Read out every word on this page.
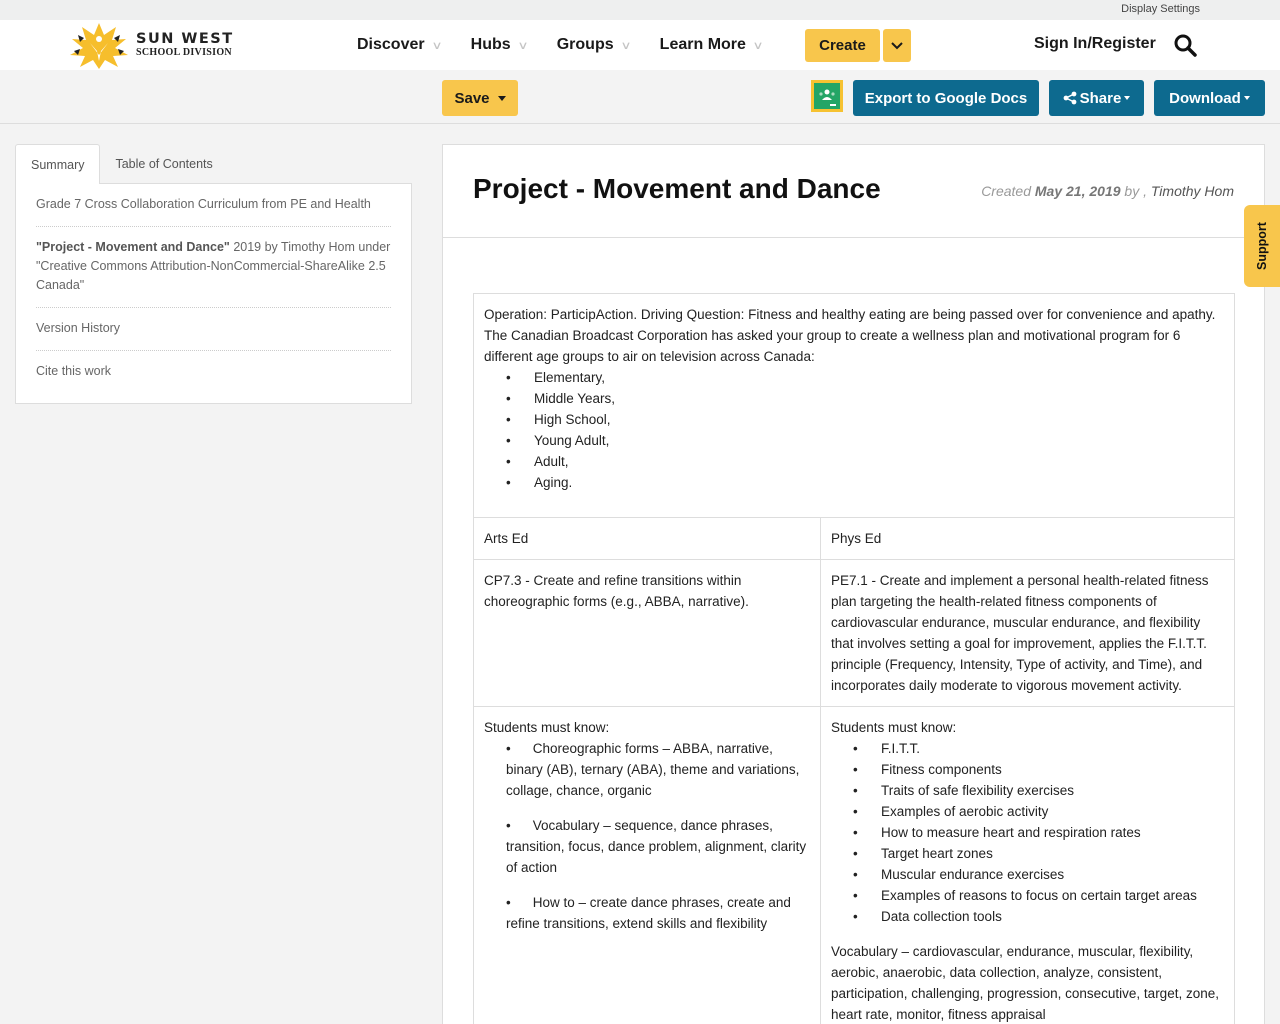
Display Settings
SUN WEST
SCHOOL DIVISION	Discover ∨ Hubs ∨ Groups ∨ Learn More ∨	Create	Sign In/Register
Save	Export to Google Docs	Share	Download
Summary	Table of Contents
Grade 7 Cross Collaboration Curriculum from PE and Health
"Project - Movement and Dance" 2019 by Timothy Hom under "Creative Commons Attribution-NonCommercial-ShareAlike 2.5 Canada"
Version History
Cite this work
Project - Movement and Dance	Created May 21, 2019 by , Timothy Hom
Operation: ParticipAction. Driving Question: Fitness and healthy eating are being passed over for convenience and apathy. The Canadian Broadcast Corporation has asked your group to create a wellness plan and motivational program for 6 different age groups to air on television across Canada:
• Elementary,
• Middle Years,
• High School,
• Young Adult,
• Adult,
• Aging.

Arts Ed	Phys Ed
CP7.3 - Create and refine transitions within choreographic forms (e.g., ABBA, narrative).	PE7.1 - Create and implement a personal health-related fitness plan targeting the health-related fitness components of cardiovascular endurance, muscular endurance, and flexibility that involves setting a goal for improvement, applies the F.I.T.T. principle (Frequency, Intensity, Type of activity, and Time), and incorporates daily moderate to vigorous movement activity.

Students must know:
• Choreographic forms – ABBA, narrative, binary (AB), ternary (ABA), theme and variations, collage, chance, organic
• Vocabulary – sequence, dance phrases, transition, focus, dance problem, alignment, clarity of action
• How to – create dance phrases, create and refine transitions, extend skills and flexibility

Students must know:
• F.I.T.T.
• Fitness components
• Traits of safe flexibility exercises
• Examples of aerobic activity
• How to measure heart and respiration rates
• Target heart zones
• Muscular endurance exercises
• Examples of reasons to focus on certain target areas
• Data collection tools
Vocabulary – cardiovascular, endurance, muscular, flexibility, aerobic, anaerobic, data collection, analyze, consistent, participation, challenging, progression, consecutive, target, zone, heart rate, monitor, fitness appraisal
Support
